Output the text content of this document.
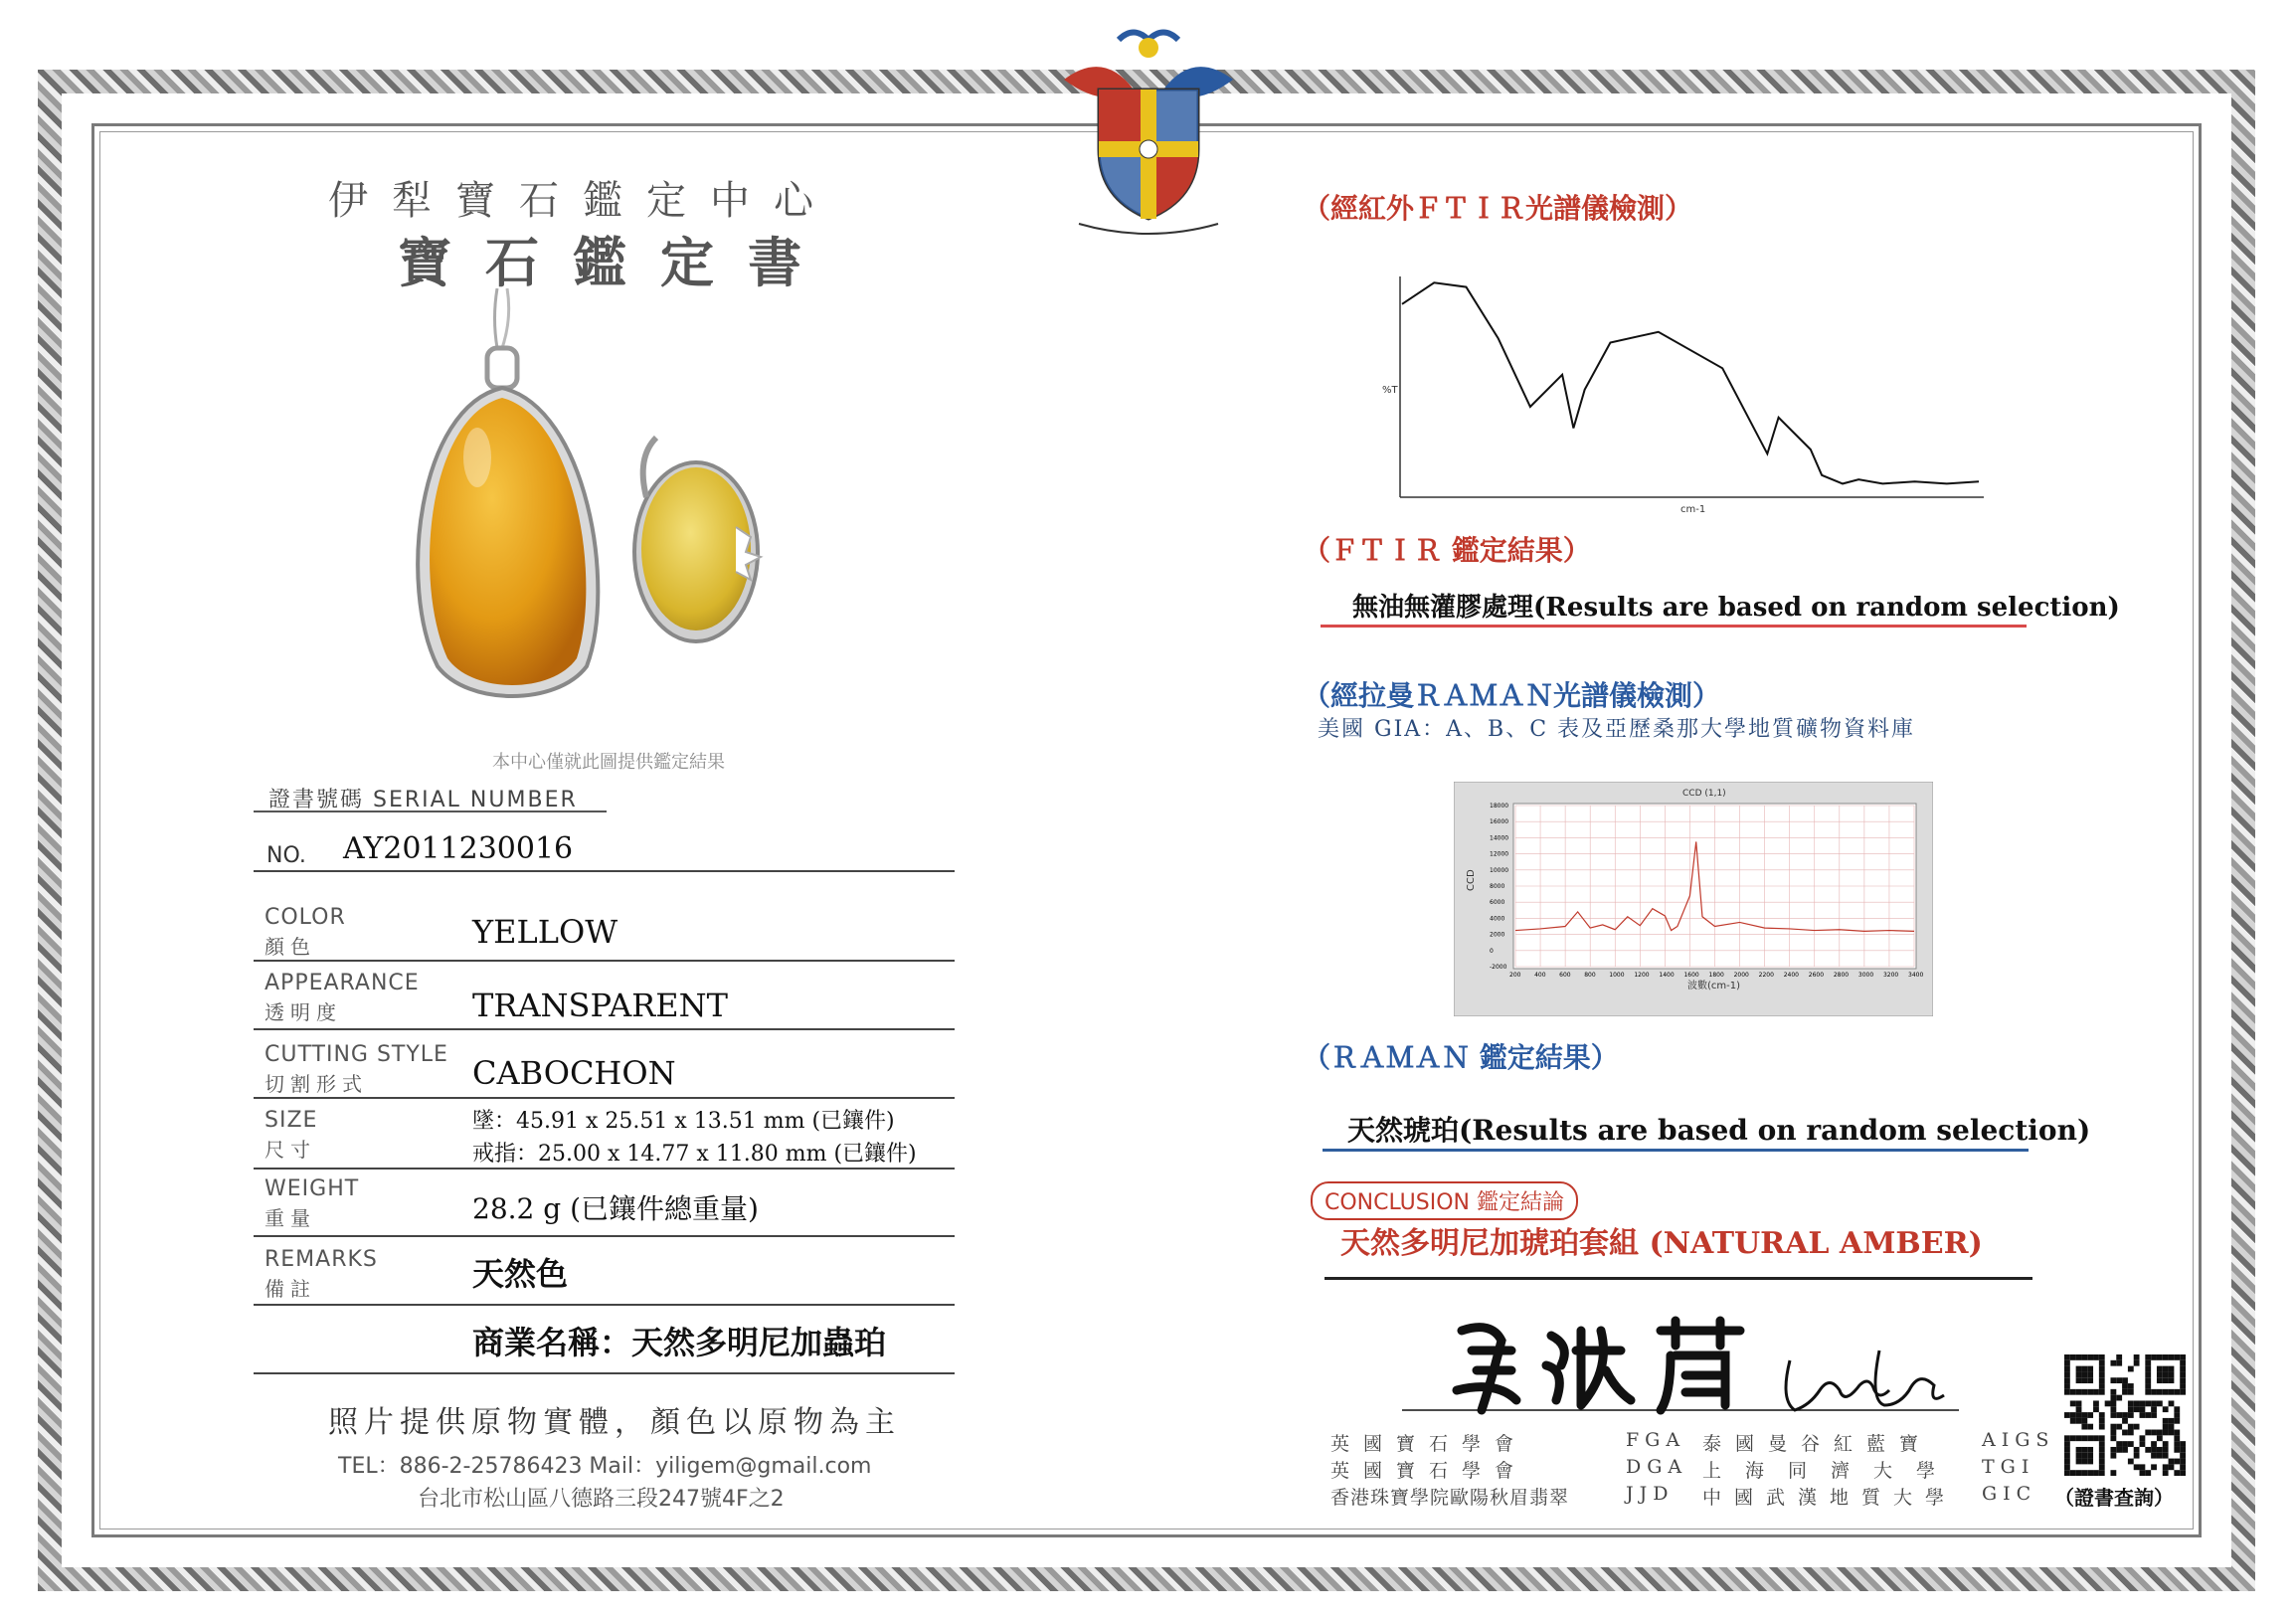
伊犁寶石鑑定中心
寶石鑑定書
本中心僅就此圖提供鑑定結果
證書號碼 SERIAL NUMBER
NO. AY2011230016
COLOR
顏色	YELLOW
APPEARANCE
透明度	TRANSPARENT
CUTTING STYLE
切割形式	CABOCHON
SIZE
尺寸
墜：45.91 x 25.51 x 13.51 mm (已鑲件)
戒指：25.00 x 14.77 x 11.80 mm (已鑲件)
WEIGHT
重量	28.2 g (已鑲件總重量)
REMARKS
備註	天然色
商業名稱：天然多明尼加蟲珀
照片提供原物實體，顏色以原物為主
TEL：886-2-25786423 Mail：yiligem@gmail.com
台北市松山區八德路三段247號4F之2
（經紅外ＦＴＩＲ光譜儀檢測）
%T
cm-1
（ＦＴＩＲ 鑑定結果）
無油無灌膠處理(Results are based on random selection)
（經拉曼ＲＡＭＡＮ光譜儀檢測）
美國 GIA：A、B、C 表及亞歷桑那大學地質礦物資料庫
CCD (1,1)
波數(cm-1)
CCD
200 400 600 800 1000 1200 1400 1600 1800 2000 2200 2400 2600 2800 3000 3200 3400
-2000
0
2000
4000
6000
8000
10000
12000
14000
16000
18000
（ＲＡＭＡＮ 鑑定結果）
天然琥珀(Results are based on random selection)
CONCLUSION 鑑定結論
天然多明尼加琥珀套組 (NATURAL AMBER)
英國寶石學會	FGA 泰國曼谷紅藍寶	AIGS
英國寶石學會	DGA 上海同濟大學 TGI
香港珠寶學院歐陽秋眉翡翠	JJD 中國武漢地質大學 GIC （證書查詢）
